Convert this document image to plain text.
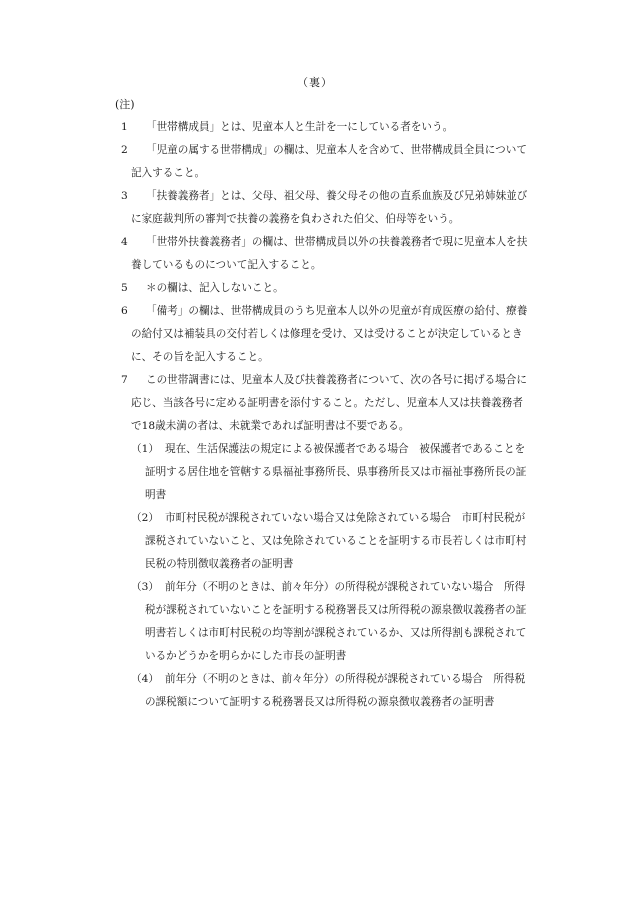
（裏）
(注)
1	「世帯構成員」とは、児童本人と生計を一にしている者をいう。
2	「児童の属する世帯構成」の欄は、児童本人を含めて、世帯構成員全員について
記入すること。
3	「扶養義務者」とは、父母、祖父母、養父母その他の直系血族及び兄弟姉妹並び
に家庭裁判所の審判で扶養の義務を負わされた伯父、伯母等をいう。
4	「世帯外扶養義務者」の欄は、世帯構成員以外の扶養義務者で現に児童本人を扶
養しているものについて記入すること。
5	＊の欄は、記入しないこと。
6	「備考」の欄は、世帯構成員のうち児童本人以外の児童が育成医療の給付、療養
の給付又は補装具の交付若しくは修理を受け、又は受けることが決定しているとき
に、その旨を記入すること。
7	この世帯調書には、児童本人及び扶養義務者について、次の各号に掲げる場合に
応じ、当該各号に定める証明書を添付すること。ただし、児童本人又は扶養義務者
で18歳未満の者は、未就業であれば証明書は不要である。
（1） 現在、生活保護法の規定による被保護者である場合　被保護者であることを
証明する居住地を管轄する県福祉事務所長、県事務所長又は市福祉事務所長の証
明書
（2） 市町村民税が課税されていない場合又は免除されている場合　市町村民税が
課税されていないこと、又は免除されていることを証明する市長若しくは市町村
民税の特別徴収義務者の証明書
（3） 前年分（不明のときは、前々年分）の所得税が課税されていない場合　所得
税が課税されていないことを証明する税務署長又は所得税の源泉徴収義務者の証
明書若しくは市町村民税の均等割が課税されているか、又は所得割も課税されて
いるかどうかを明らかにした市長の証明書
（4） 前年分（不明のときは、前々年分）の所得税が課税されている場合　所得税
の課税額について証明する税務署長又は所得税の源泉徴収義務者の証明書
